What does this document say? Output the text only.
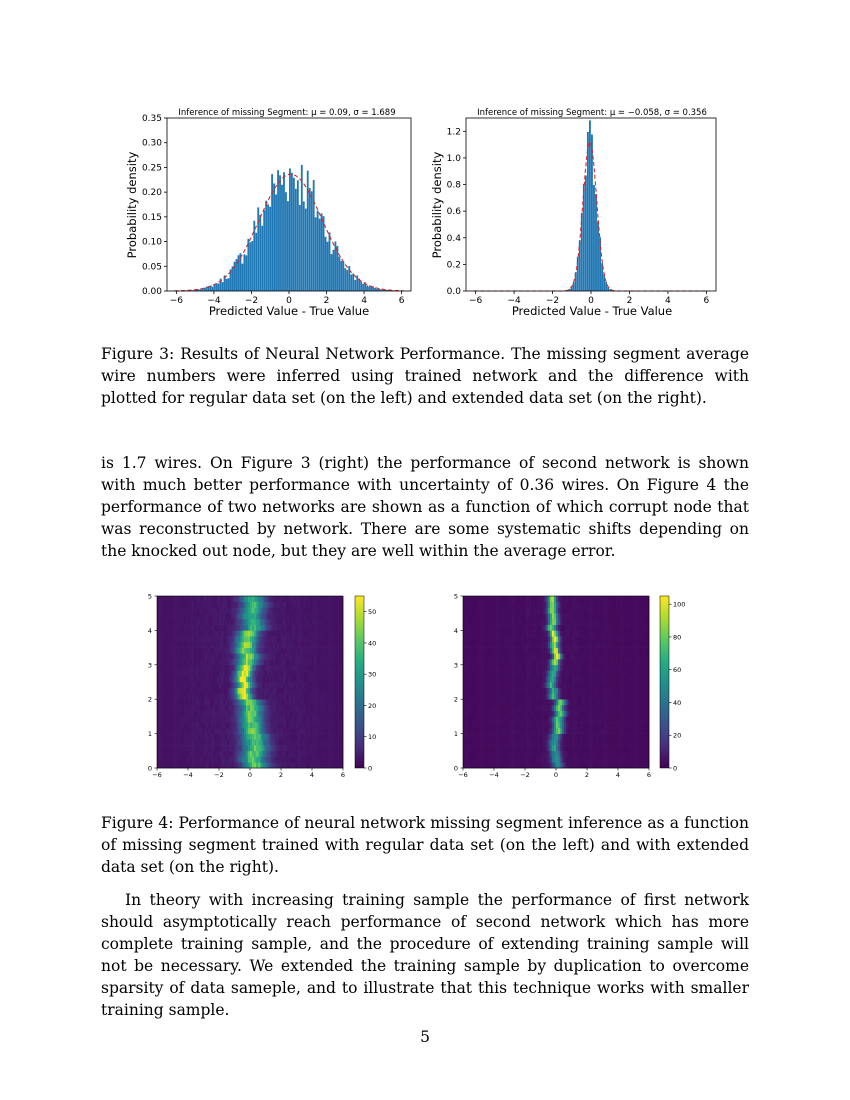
Inference of missing Segment: μ = 0.09, σ = 1.689
−6	−4	−2	0	2	4	6
0.00
0.05
0.10
0.15
0.20
0.25
0.30
0.35
Predicted Value - True Value
Probability density
Inference of missing Segment: μ = −0.058, σ = 0.356
−6	−4	−2	0	2	4	6
0.0
0.2
0.4
0.6
0.8
1.0
1.2
Predicted Value - True Value
Probability density

Figure 3: Results of Neural Network Performance. The missing segment average wire numbers were inferred using trained network and the difference with plotted for regular data set (on the left) and extended data set (on the right).

is 1.7 wires. On Figure 3 (right) the performance of second network is shown with much better performance with uncertainty of 0.36 wires. On Figure 4 the performance of two networks are shown as a function of which corrupt node that was reconstructed by network. There are some systematic shifts depending on the knocked out node, but they are well within the average error.

−6	−4	−2	0	2	4	6
0
1
2
3
4
5
0
10
20
30
40
50
−6	−4	−2	0	2	4	6
0
1
2
3
4
5
0
20
40
60
80
100

Figure 4: Performance of neural network missing segment inference as a function of missing segment trained with regular data set (on the left) and with extended data set (on the right).

In theory with increasing training sample the performance of first network should asymptotically reach performance of second network which has more complete training sample, and the procedure of extending training sample will not be necessary. We extended the training sample by duplication to overcome sparsity of data sameple, and to illustrate that this technique works with smaller training sample.

5
